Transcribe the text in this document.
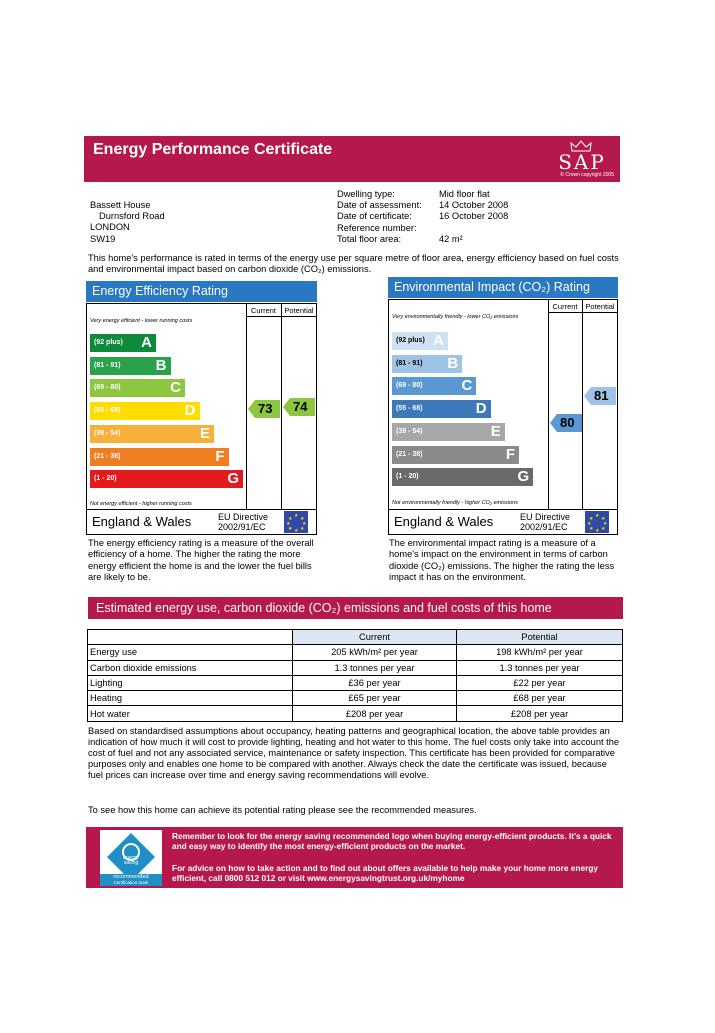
Energy Performance Certificate
SAP
© Crown copyright 2005
Bassett House
Durnsford Road
LONDON
SW19
Dwelling type:	Mid floor flat
Date of assessment:	14 October 2008
Date of certificate:	16 October 2008
Reference number:
Total floor area:	42 m²
This home's performance is rated in terms of the energy use per square metre of floor area, energy efficiency based on fuel costs and environmental impact based on carbon dioxide (CO₂) emissions.
Energy Efficiency Rating
Current	Potential
Very energy efficient - lower running costs
Not energy efficient - higher running costs
(92 plus) A
(81 - 91) B
(69 - 80)	C
(55 - 68)	D
(39 - 54)	E
(21 - 38)	F
(1 - 20)	G
73 74
England & Wales	EU Directive
2002/91/EC
★
★ ★
★ ★
★ ★
★
The energy efficiency rating is a measure of the overall efficiency of a home. The higher the rating the more energy efficient the home is and the lower the fuel bills are likely to be.
Environmental Impact (CO₂) Rating
Current	Potential
Very environmentally friendly - lower CO₂ emissions
Not environmentally friendly - higher CO₂ emissions
(92 plus) A
(81 - 91) B
(69 - 80)	C
(55 - 68)	D
(39 - 54)	E
(21 - 38)	F
(1 - 20)	G
80
81
England & Wales	EU Directive
2002/91/EC
★
★ ★
★ ★
★ ★
★
The environmental impact rating is a measure of a home's impact on the environment in terms of carbon dioxide (CO₂) emissions. The higher the rating the less impact it has on the environment.
Estimated energy use, carbon dioxide (CO₂) emissions and fuel costs of this home
	Current	Potential
Energy use	205 kWh/m² per year	198 kWh/m² per year
Carbon dioxide emissions	1.3 tonnes per year	1.3 tonnes per year
Lighting	£36 per year	£22 per year
Heating	£65 per year	£68 per year
Hot water	£208 per year	£208 per year
Based on standardised assumptions about occupancy, heating patterns and geographical location, the above table provides an indication of how much it will cost to provide lighting, heating and hot water to this home. The fuel costs only take into account the cost of fuel and not any associated service, maintenance or safety inspection. This certificate has been provided for comparative purposes only and enables one home to be compared with another. Always check the date the certificate was issued, because fuel prices can increase over time and energy saving recommendations will evolve.
To see how this home can achieve its potential rating please see the recommended measures.
energy
saving
recommended
Certification mark
Remember to look for the energy saving recommended logo when buying energy-efficient products. It's a quick and easy way to identify the most energy-efficient products on the market.
For advice on how to take action and to find out about offers available to help make your home more energy efficient, call 0800 512 012 or visit www.energysavingtrust.org.uk/myhome
